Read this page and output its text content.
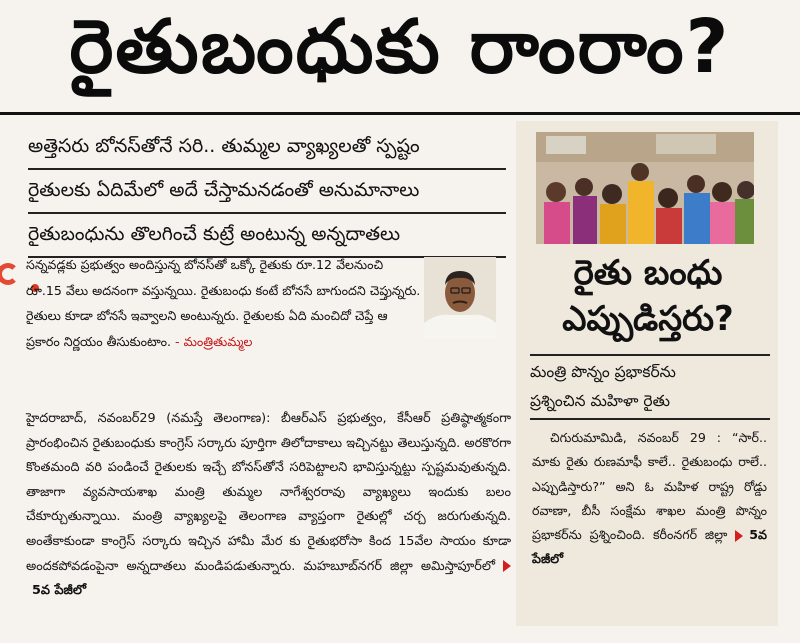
రైతుబంధుకు రాంరాం?
అత్తెసరు బోనస్‌తోనే సరి.. తుమ్మల వ్యాఖ్యలతో స్పష్టం
రైతులకు ఏదిమేలో అదే చేస్తామనడంతో అనుమానాలు
రైతుబంధును తొలగించే కుట్రే అంటున్న అన్నదాతలు
సన్నవడ్లకు ప్రభుత్వం అందిస్తున్న బోనస్‌తో ఒక్కో రైతుకు రూ.12 వేలనుంచి రూ.15 వేలు అదనంగా వస్తున్నయి. రైతుబంధు కంటే బోనసే బాగుందని చెప్తున్నరు. రైతులు కూడా బోనసే ఇవ్వాలని అంటున్నరు. రైతులకు ఏది మంచిదో చెప్తే ఆ ప్రకారం నిర్ణయం తీసుకుంటాం. - మంత్రితుమ్మల
హైదరాబాద్, నవంబర్29 (నమస్తే తెలంగాణ): బీఆర్ఎస్ ప్రభుత్వం, కేసీఆర్ ప్రతిష్ఠాత్మకంగా ప్రారంభించిన రైతుబంధుకు కాంగ్రెస్ సర్కారు పూర్తిగా తిలోదాకాలు ఇచ్చినట్టు తెలుస్తున్నది. అరకొరగా కొంతమంది వరి పండించే రైతులకు ఇచ్చే బోనస్‌తోనే సరిపెట్టాలని భావిస్తున్నట్టు స్పష్టమవుతున్నది. తాజాగా వ్యవసాయశాఖ మంత్రి తుమ్మల నాగేశ్వరరావు వ్యాఖ్యలు ఇందుకు బలం చేకూర్చుతున్నాయి. మంత్రి వ్యాఖ్యలపై తెలంగాణ వ్యాప్తంగా రైతుల్లో చర్చ జరుగుతున్నది. అంతేకాకుండా కాంగ్రెస్ సర్కారు ఇచ్చిన హామీ మేర కు రైతుభరోసా కింద 15వేల సాయం కూడా అందకపోవడంపైనా అన్నదాతలు మండిపడుతున్నారు. మహబూబ్‌నగర్ జిల్లా అమిస్తాపూర్‌లో5వ పేజీలో
రైతు బంధు
ఎప్పుడిస్తరు?
మంత్రి పొన్నం ప్రభాకర్‌ను
ప్రశ్నించిన మహిళా రైతు
చిగురుమామిడి, నవంబర్ 29 : “సార్.. మాకు రైతు రుణమాఫీ కాలే.. రైతుబంధు రాలే.. ఎప్పుడిస్తారు?” అని ఓ మహిళ రాష్ట్ర రోడ్డు రవాణా, బీసీ సంక్షేమ శాఖల మంత్రి పొన్నం ప్రభాకర్‌ను ప్రశ్నించింది. కరీంనగర్ జిల్లా 5వ పేజీలో
